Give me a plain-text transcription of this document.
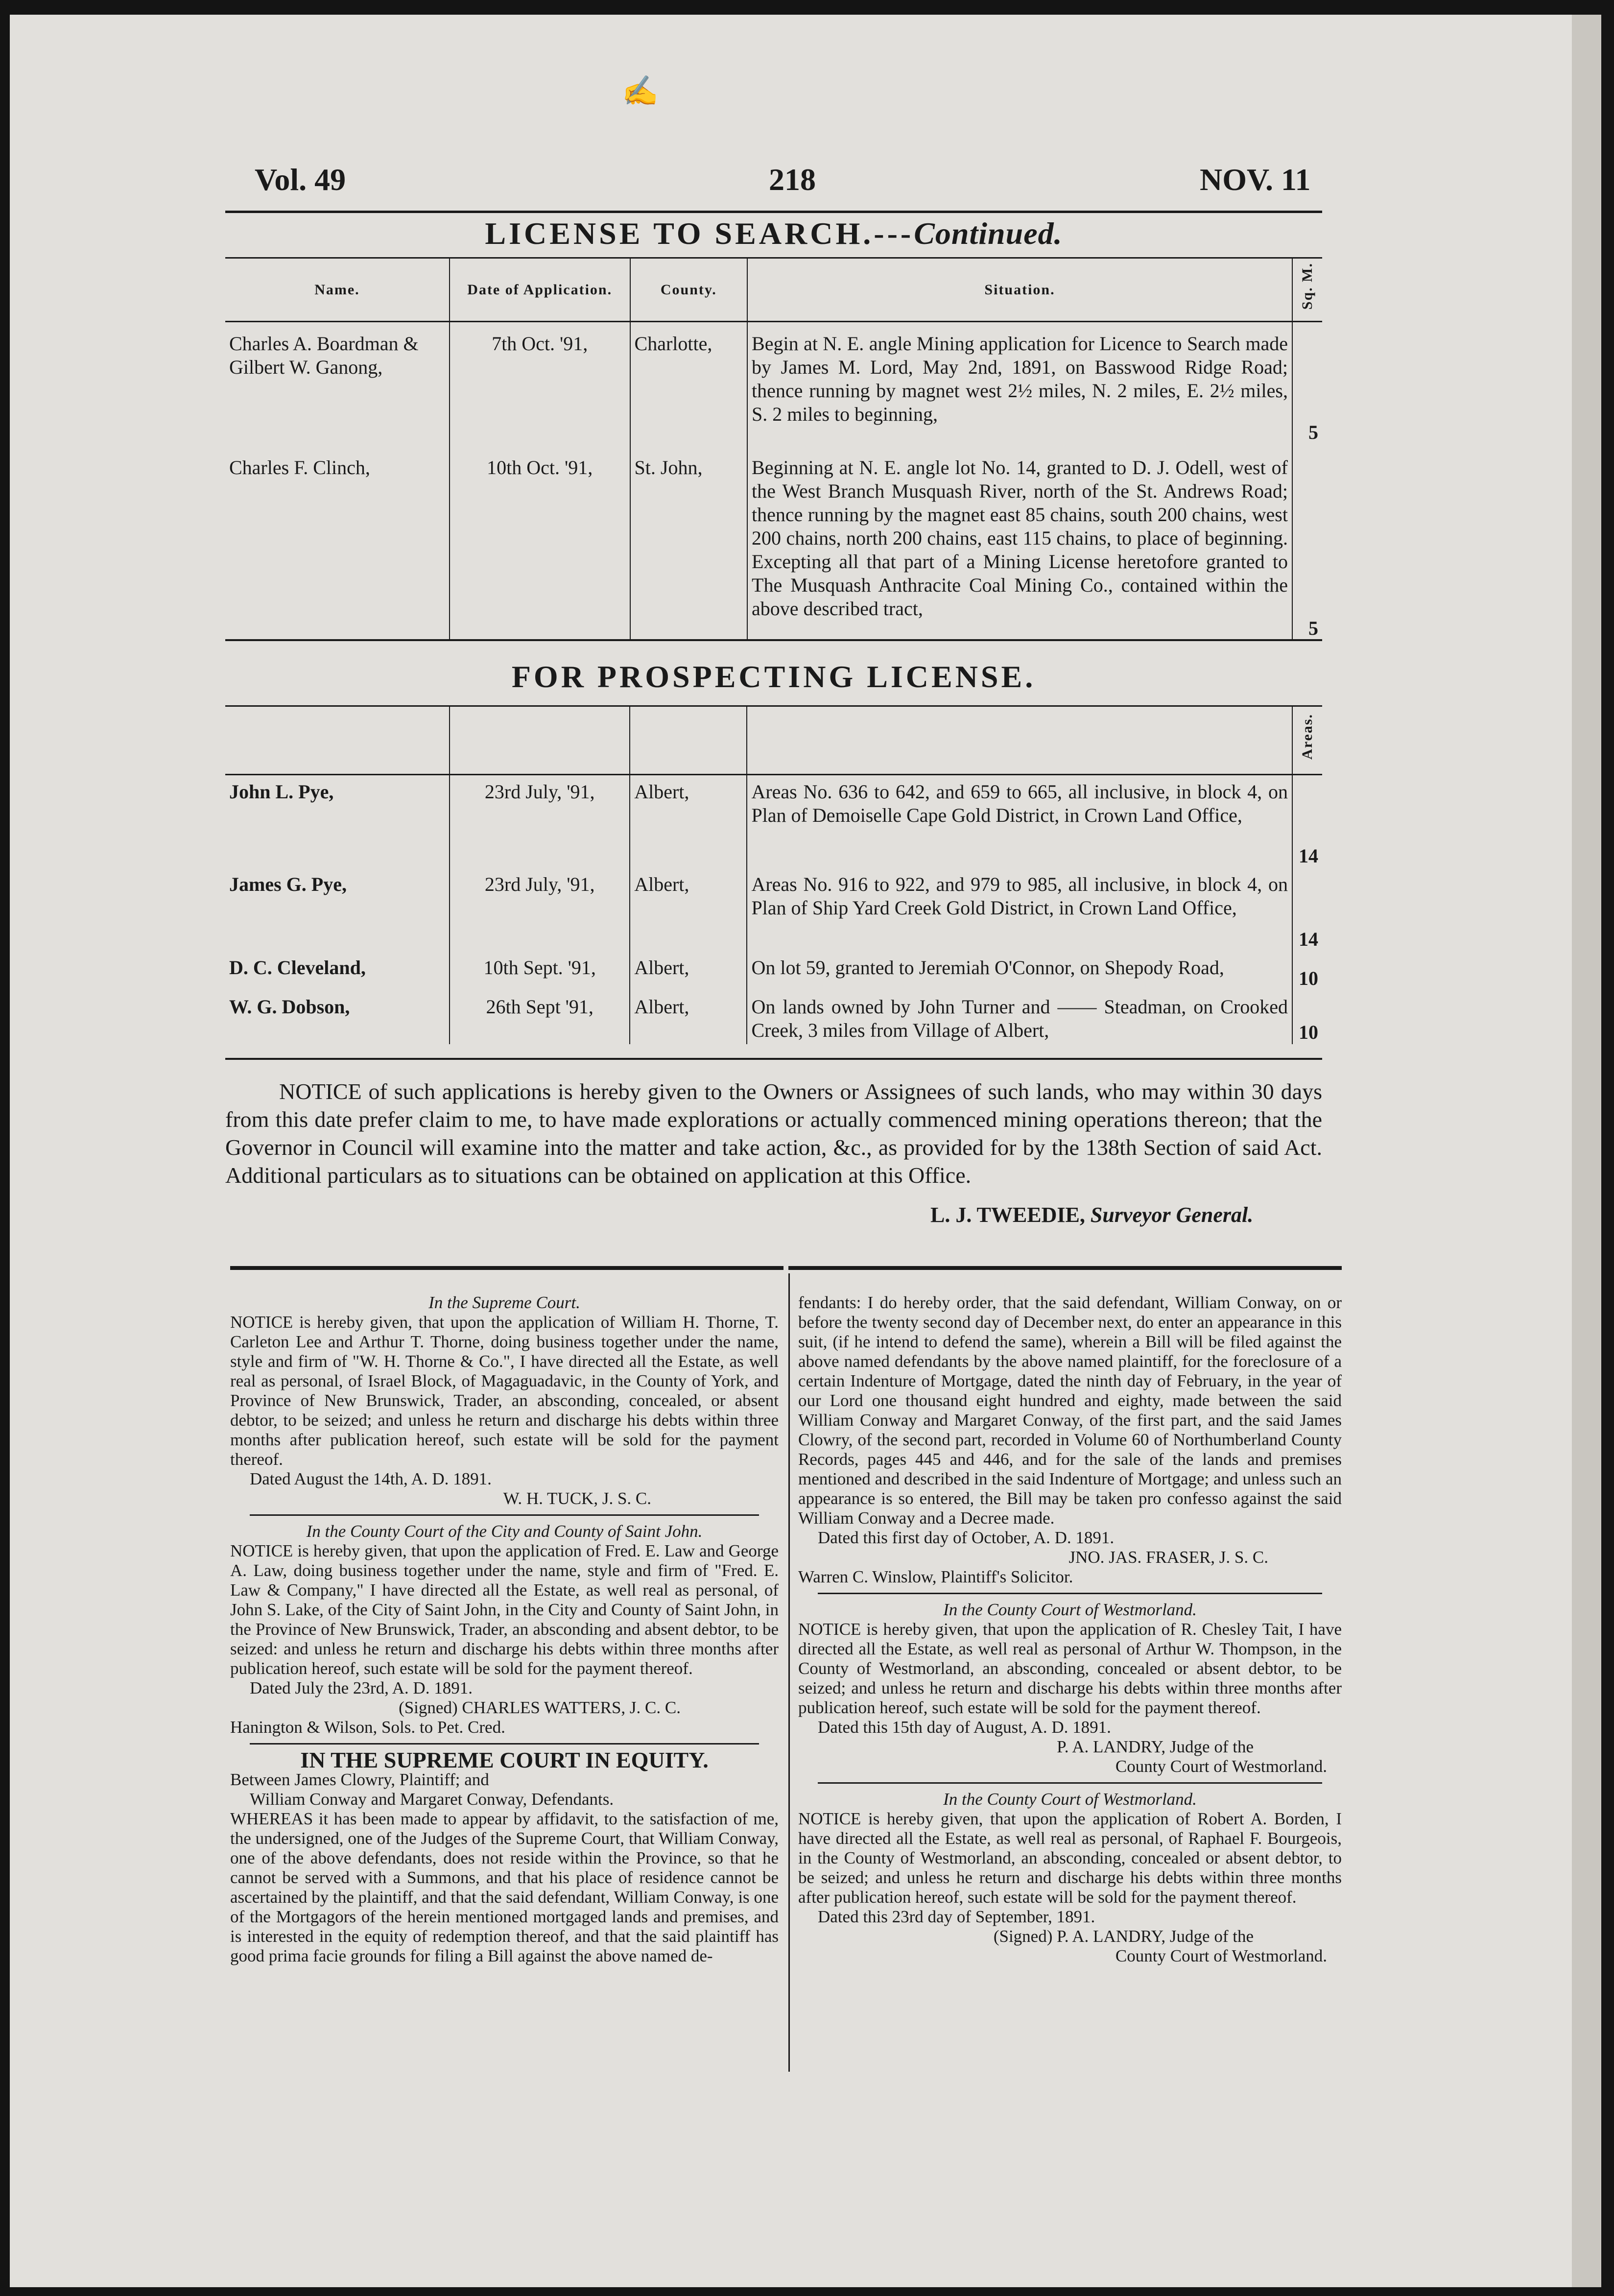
✍
Vol. 49	218	NOV. 11
LICENSE TO SEARCH.---Continued.
Name.	Date of Application.	County.	Situation.	Sq. M.
Charles A. Boardman & Gilbert W. Ganong,	7th Oct. '91,	Charlotte,	Begin at N. E. angle Mining application for Licence to Search made by James M. Lord, May 2nd, 1891, on Basswood Ridge Road; thence running by magnet west 2½ miles, N. 2 miles, E. 2½ miles, S. 2 miles to beginning,	5
Charles F. Clinch,	10th Oct. '91,	St. John,	Beginning at N. E. angle lot No. 14, granted to D. J. Odell, west of the West Branch Musquash River, north of the St. Andrews Road; thence running by the magnet east 85 chains, south 200 chains, west 200 chains, north 200 chains, east 115 chains, to place of beginning. Excepting all that part of a Mining License heretofore granted to The Musquash Anthracite Coal Mining Co., contained within the above described tract,	5
FOR PROSPECTING LICENSE.
				Areas.
John L. Pye,	23rd July, '91,	Albert,	Areas No. 636 to 642, and 659 to 665, all inclusive, in block 4, on Plan of Demoiselle Cape Gold District, in Crown Land Office,	14
James G. Pye,	23rd July, '91,	Albert,	Areas No. 916 to 922, and 979 to 985, all inclusive, in block 4, on Plan of Ship Yard Creek Gold District, in Crown Land Office,	14
D. C. Cleveland,	10th Sept. '91,	Albert,	On lot 59, granted to Jeremiah O'Connor, on Shepody Road,	10
W. G. Dobson,	26th Sept '91,	Albert,	On lands owned by John Turner and —— Steadman, on Crooked Creek, 3 miles from Village of Albert,	10
NOTICE of such applications is hereby given to the Owners or Assignees of such lands, who may within 30 days from this date prefer claim to me, to have made explorations or actually commenced mining operations thereon; that the Governor in Council will examine into the matter and take action, &c., as provided for by the 138th Section of said Act. Additional particulars as to situations can be obtained on application at this Office.
L. J. TWEEDIE, Surveyor General.

In the Supreme Court.

NOTICE is hereby given, that upon the application of William H. Thorne, T. Carleton Lee and Arthur T. Thorne, doing business together under the name, style and firm of "W. H. Thorne & Co.", I have directed all the Estate, as well real as personal, of Israel Block, of Magaguadavic, in the County of York, and Province of New Brunswick, Trader, an absconding, concealed, or absent debtor, to be seized; and unless he return and discharge his debts within three months after publication hereof, such estate will be sold for the payment thereof.

Dated August the 14th, A. D. 1891.

W. H. TUCK, J. S. C.

In the County Court of the City and County of Saint John.

NOTICE is hereby given, that upon the application of Fred. E. Law and George A. Law, doing business together under the name, style and firm of "Fred. E. Law & Company," I have directed all the Estate, as well real as personal, of John S. Lake, of the City of Saint John, in the City and County of Saint John, in the Province of New Brunswick, Trader, an absconding and absent debtor, to be seized: and unless he return and discharge his debts within three months after publication hereof, such estate will be sold for the payment thereof.

Dated July the 23rd, A. D. 1891.

(Signed) CHARLES WATTERS, J. C. C.

Hanington & Wilson, Sols. to Pet. Cred.

IN THE SUPREME COURT IN EQUITY.

Between James Clowry, Plaintiff; and

William Conway and Margaret Conway, Defendants.

WHEREAS it has been made to appear by affidavit, to the satisfaction of me, the undersigned, one of the Judges of the Supreme Court, that William Conway, one of the above defendants, does not reside within the Province, so that he cannot be served with a Summons, and that his place of residence cannot be ascertained by the plaintiff, and that the said defendant, William Conway, is one of the Mortgagors of the herein mentioned mortgaged lands and premises, and is interested in the equity of redemption thereof, and that the said plaintiff has good prima facie grounds for filing a Bill against the above named de-

fendants: I do hereby order, that the said defendant, William Conway, on or before the twenty second day of December next, do enter an appearance in this suit, (if he intend to defend the same), wherein a Bill will be filed against the above named defendants by the above named plaintiff, for the foreclosure of a certain Indenture of Mortgage, dated the ninth day of February, in the year of our Lord one thousand eight hundred and eighty, made between the said William Conway and Margaret Conway, of the first part, and the said James Clowry, of the second part, recorded in Volume 60 of Northumberland County Records, pages 445 and 446, and for the sale of the lands and premises mentioned and described in the said Indenture of Mortgage; and unless such an appearance is so entered, the Bill may be taken pro confesso against the said William Conway and a Decree made.

Dated this first day of October, A. D. 1891.

JNO. JAS. FRASER, J. S. C.

Warren C. Winslow, Plaintiff's Solicitor.

In the County Court of Westmorland.

NOTICE is hereby given, that upon the application of R. Chesley Tait, I have directed all the Estate, as well real as personal of Arthur W. Thompson, in the County of Westmorland, an absconding, concealed or absent debtor, to be seized; and unless he return and discharge his debts within three months after publication hereof, such estate will be sold for the payment thereof.

Dated this 15th day of August, A. D. 1891.

P. A. LANDRY, Judge of the

County Court of Westmorland.

In the County Court of Westmorland.

NOTICE is hereby given, that upon the application of Robert A. Borden, I have directed all the Estate, as well real as personal, of Raphael F. Bourgeois, in the County of Westmorland, an absconding, concealed or absent debtor, to be seized; and unless he return and discharge his debts within three months after publication hereof, such estate will be sold for the payment thereof.

Dated this 23rd day of September, 1891.

(Signed) P. A. LANDRY, Judge of the

County Court of Westmorland.
